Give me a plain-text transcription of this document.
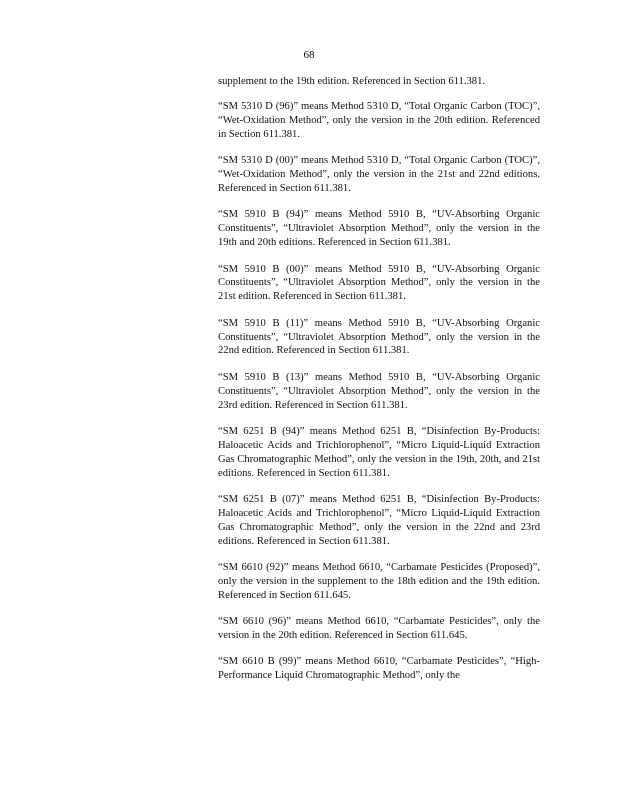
68

supplement to the 19th edition. Referenced in Section 611.381.

“SM 5310 D (96)” means Method 5310 D, “Total Organic Carbon (TOC)”, “Wet-Oxidation Method”, only the version in the 20th edition. Referenced in Section 611.381.

“SM 5310 D (00)” means Method 5310 D, “Total Organic Carbon (TOC)”, “Wet-Oxidation Method”, only the version in the 21st and 22nd editions. Referenced in Section 611.381.

“SM 5910 B (94)” means Method 5910 B, “UV-Absorbing Organic Constituents”, “Ultraviolet Absorption Method”, only the version in the 19th and 20th editions. Referenced in Section 611.381.

“SM 5910 B (00)” means Method 5910 B, “UV-Absorbing Organic Constituents”, “Ultraviolet Absorption Method”, only the version in the 21st edition. Referenced in Section 611.381.

“SM 5910 B (11)” means Method 5910 B, “UV-Absorbing Organic Constituents”, “Ultraviolet Absorption Method”, only the version in the 22nd edition. Referenced in Section 611.381.

“SM 5910 B (13)” means Method 5910 B, “UV-Absorbing Organic Constituents”, “Ultraviolet Absorption Method”, only the version in the 23rd edition. Referenced in Section 611.381.

“SM 6251 B (94)” means Method 6251 B, “Disinfection By-Products: Haloacetic Acids and Trichlorophenol”, “Micro Liquid-Liquid Extraction Gas Chromatographic Method”, only the version in the 19th, 20th, and 21st editions. Referenced in Section 611.381.

“SM 6251 B (07)” means Method 6251 B, “Disinfection By-Products: Haloacetic Acids and Trichlorophenol”, “Micro Liquid-Liquid Extraction Gas Chromatographic Method”, only the version in the 22nd and 23rd editions. Referenced in Section 611.381.

“SM 6610 (92)” means Method 6610, “Carbamate Pesticides (Proposed)”, only the version in the supplement to the 18th edition and the 19th edition. Referenced in Section 611.645.

“SM 6610 (96)” means Method 6610, “Carbamate Pesticides”, only the version in the 20th edition. Referenced in Section 611.645.

“SM 6610 B (99)” means Method 6610, “Carbamate Pesticides”, “High-Performance Liquid Chromatographic Method”, only the
